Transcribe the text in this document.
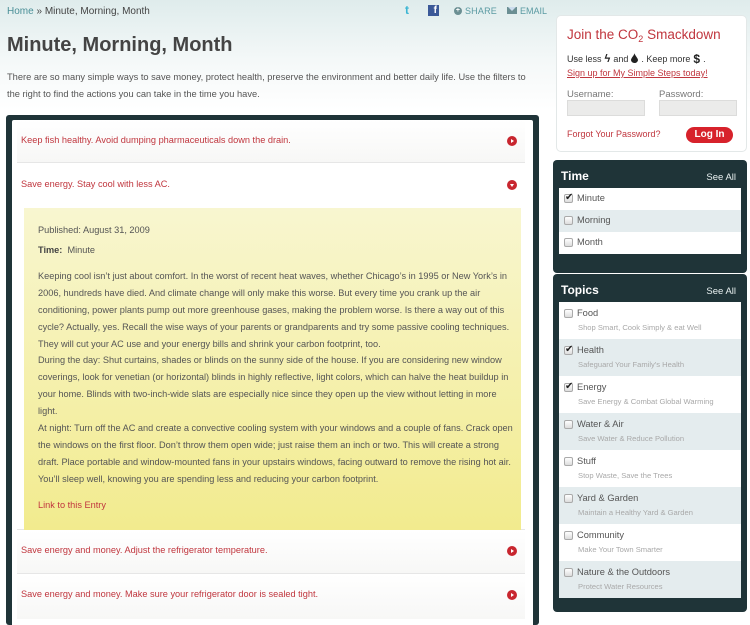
Home » Minute, Morning, Month	t	f	+ SHARE	EMAIL
Minute, Morning, Month
There are so many simple ways to save money, protect health, preserve the environment and better daily life. Use the filters to the right to find the actions you can take in the time you have.
Keep fish healthy. Avoid dumping pharmaceuticals down the drain.
Save energy. Stay cool with less AC.
Published: August 31, 2009
Time: Minute

Keeping cool isn’t just about comfort. In the worst of recent heat waves, whether Chicago’s in 1995 or New York’s in 2006, hundreds have died. And climate change will only make this worse. But every time you crank up the air conditioning, power plants pump out more greenhouse gases, making the problem worse. Is there a way out of this cycle? Actually, yes. Recall the wise ways of your parents or grandparents and try some passive cooling techniques. They will cut your AC use and your energy bills and shrink your carbon footprint, too.

During the day: Shut curtains, shades or blinds on the sunny side of the house. If you are considering new window coverings, look for venetian (or horizontal) blinds in highly reflective, light colors, which can halve the heat buildup in your home. Blinds with two-inch-wide slats are especially nice since they open up the view without letting in more light.

At night: Turn off the AC and create a convective cooling system with your windows and a couple of fans. Crack open the windows on the first floor. Don’t throw them open wide; just raise them an inch or two. This will create a strong draft. Place portable and window-mounted fans in your upstairs windows, facing outward to remove the rising hot air. You’ll sleep well, knowing you are spending less and reducing your carbon footprint.

Link to this Entry
Save energy and money. Adjust the refrigerator temperature.
Save energy and money. Make sure your refrigerator door is sealed tight.
Join the $CO_2$ Smackdown
Use less ϟ and . Keep more $ .
Sign up for My Simple Steps today!
Username:	Password:
Forgot Your Password?	Log In
Time	See All
✔ Minute
Morning
Month
Topics	See All
Food
Shop Smart, Cook Simply & eat Well
✔ Health
Safeguard Your Family's Health
✔ Energy
Save Energy & Combat Global Warming
Water & Air
Save Water & Reduce Pollution
Stuff
Stop Waste, Save the Trees
Yard & Garden
Maintain a Healthy Yard & Garden
Community
Make Your Town Smarter
Nature & the Outdoors
Protect Water Resources
